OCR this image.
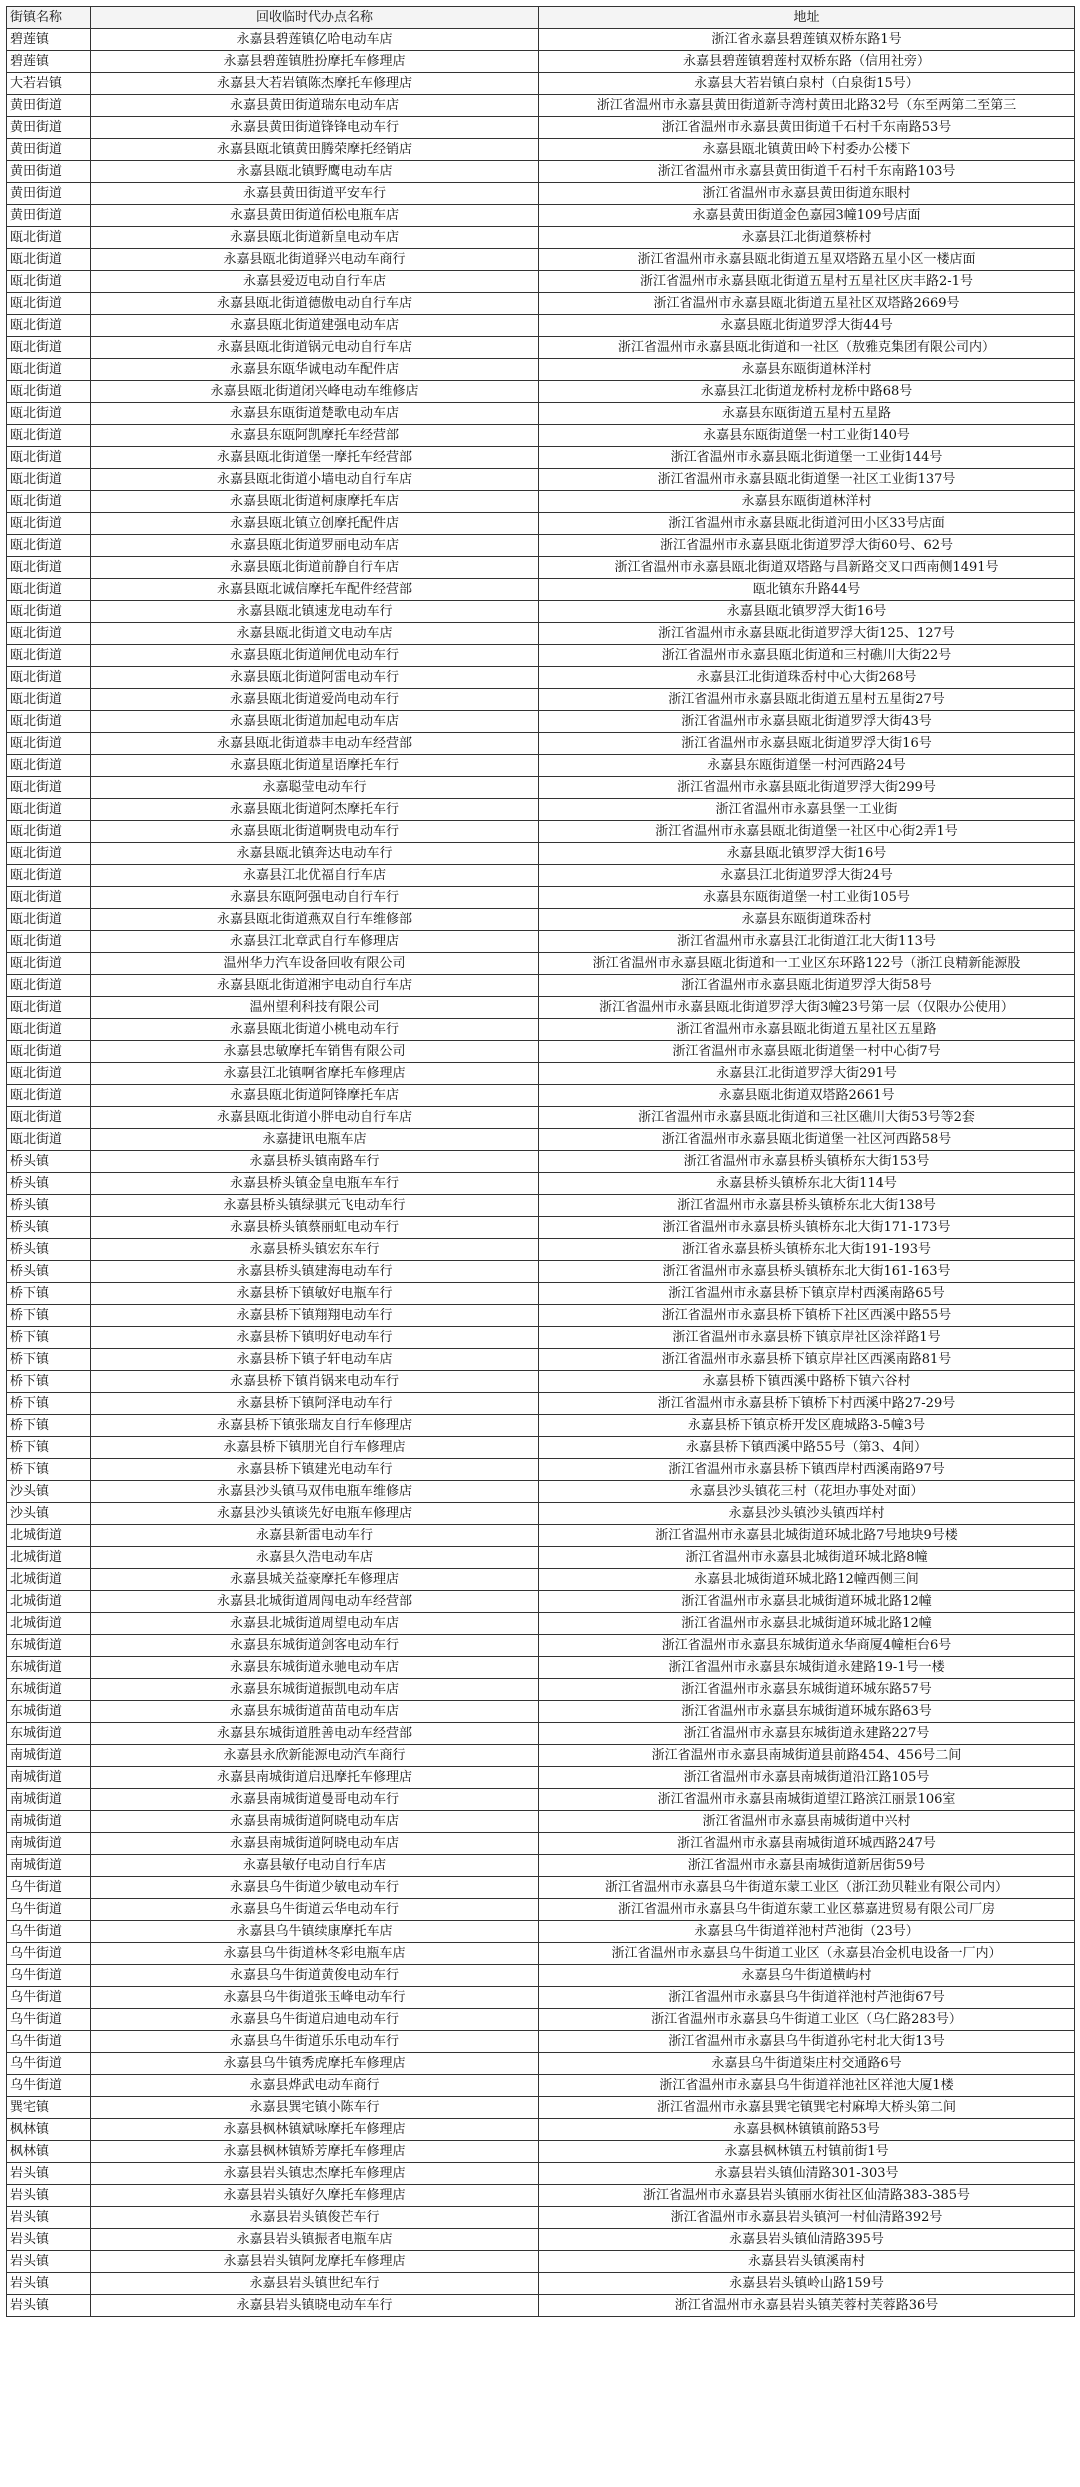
街镇名称	回收临时代办点名称	地址
碧莲镇	永嘉县碧莲镇亿哈电动车店	浙江省永嘉县碧莲镇双桥东路1号
碧莲镇	永嘉县碧莲镇胜扮摩托车修理店	永嘉县碧莲镇碧莲村双桥东路（信用社旁）
大若岩镇	永嘉县大若岩镇陈杰摩托车修理店	永嘉县大若岩镇白泉村（白泉街15号）
黄田街道	永嘉县黄田街道瑞东电动车店	浙江省温州市永嘉县黄田街道新寺湾村黄田北路32号（东至两第二至第三
黄田街道	永嘉县黄田街道锋锋电动车行	浙江省温州市永嘉县黄田街道千石村千东南路53号
黄田街道	永嘉县瓯北镇黄田腾荣摩托经销店	永嘉县瓯北镇黄田岭下村委办公楼下
黄田街道	永嘉县瓯北镇野鹰电动车店	浙江省温州市永嘉县黄田街道千石村千东南路103号
黄田街道	永嘉县黄田街道平安车行	浙江省温州市永嘉县黄田街道东眼村
黄田街道	永嘉县黄田街道佰松电瓶车店	永嘉县黄田街道金色嘉园3幢109号店面
瓯北街道	永嘉县瓯北街道新皇电动车店	永嘉县江北街道蔡桥村
瓯北街道	永嘉县瓯北街道驿兴电动车商行	浙江省温州市永嘉县瓯北街道五星双塔路五星小区一楼店面
瓯北街道	永嘉县爱迈电动自行车店	浙江省温州市永嘉县瓯北街道五星村五星社区庆丰路2-1号
瓯北街道	永嘉县瓯北街道德傲电动自行车店	浙江省温州市永嘉县瓯北街道五星社区双塔路2669号
瓯北街道	永嘉县瓯北街道建强电动车店	永嘉县瓯北街道罗浮大街44号
瓯北街道	永嘉县瓯北街道锅元电动自行车店	浙江省温州市永嘉县瓯北街道和一社区（敖雅克集团有限公司内）
瓯北街道	永嘉县东瓯华诚电动车配件店	永嘉县东瓯街道林洋村
瓯北街道	永嘉县瓯北街道闭兴峰电动车维修店	永嘉县江北街道龙桥村龙桥中路68号
瓯北街道	永嘉县东瓯街道楚歌电动车店	永嘉县东瓯街道五星村五星路
瓯北街道	永嘉县东瓯阿凯摩托车经营部	永嘉县东瓯街道堡一村工业街140号
瓯北街道	永嘉县瓯北街道堡一摩托车经营部	浙江省温州市永嘉县瓯北街道堡一工业街144号
瓯北街道	永嘉县瓯北街道小墙电动自行车店	浙江省温州市永嘉县瓯北街道堡一社区工业街137号
瓯北街道	永嘉县瓯北街道柯康摩托车店	永嘉县东瓯街道林洋村
瓯北街道	永嘉县瓯北镇立创摩托配件店	浙江省温州市永嘉县瓯北街道河田小区33号店面
瓯北街道	永嘉县瓯北街道罗丽电动车店	浙江省温州市永嘉县瓯北街道罗浮大街60号、62号
瓯北街道	永嘉县瓯北街道前静自行车店	浙江省温州市永嘉县瓯北街道双塔路与昌新路交叉口西南侧1491号
瓯北街道	永嘉县瓯北诚信摩托车配件经营部	瓯北镇东升路44号
瓯北街道	永嘉县瓯北镇速龙电动车行	永嘉县瓯北镇罗浮大街16号
瓯北街道	永嘉县瓯北街道文电动车店	浙江省温州市永嘉县瓯北街道罗浮大街125、127号
瓯北街道	永嘉县瓯北街道闸优电动车行	浙江省温州市永嘉县瓯北街道和三村礁川大街22号
瓯北街道	永嘉县瓯北街道阿雷电动车行	永嘉县江北街道珠岙村中心大街268号
瓯北街道	永嘉县瓯北街道爱尚电动车行	浙江省温州市永嘉县瓯北街道五星村五星街27号
瓯北街道	永嘉县瓯北街道加起电动车店	浙江省温州市永嘉县瓯北街道罗浮大街43号
瓯北街道	永嘉县瓯北街道恭丰电动车经营部	浙江省温州市永嘉县瓯北街道罗浮大街16号
瓯北街道	永嘉县瓯北街道星语摩托车行	永嘉县东瓯街道堡一村河西路24号
瓯北街道	永嘉聪莹电动车行	浙江省温州市永嘉县瓯北街道罗浮大街299号
瓯北街道	永嘉县瓯北街道阿杰摩托车行	浙江省温州市永嘉县堡一工业街
瓯北街道	永嘉县瓯北街道啊贵电动车行	浙江省温州市永嘉县瓯北街道堡一社区中心街2弄1号
瓯北街道	永嘉县瓯北镇奔达电动车行	永嘉县瓯北镇罗浮大街16号
瓯北街道	永嘉县江北优福自行车店	永嘉县江北街道罗浮大街24号
瓯北街道	永嘉县东瓯阿强电动自行车行	永嘉县东瓯街道堡一村工业街105号
瓯北街道	永嘉县瓯北街道燕双自行车维修部	永嘉县东瓯街道珠岙村
瓯北街道	永嘉县江北章武自行车修理店	浙江省温州市永嘉县江北街道江北大街113号
瓯北街道	温州华力汽车设备回收有限公司	浙江省温州市永嘉县瓯北街道和一工业区东环路122号（浙江良精新能源股
瓯北街道	永嘉县瓯北街道湘宇电动自行车店	浙江省温州市永嘉县瓯北街道罗浮大街58号
瓯北街道	温州望利科技有限公司	浙江省温州市永嘉县瓯北街道罗浮大街3幢23号第一层（仅限办公使用）
瓯北街道	永嘉县瓯北街道小桃电动车行	浙江省温州市永嘉县瓯北街道五星社区五星路
瓯北街道	永嘉县忠敏摩托车销售有限公司	浙江省温州市永嘉县瓯北街道堡一村中心街7号
瓯北街道	永嘉县江北镇啊省摩托车修理店	永嘉县江北街道罗浮大街291号
瓯北街道	永嘉县瓯北街道阿锋摩托车店	永嘉县瓯北街道双塔路2661号
瓯北街道	永嘉县瓯北街道小胖电动自行车店	浙江省温州市永嘉县瓯北街道和三社区礁川大街53号等2套
瓯北街道	永嘉捷讯电瓶车店	浙江省温州市永嘉县瓯北街道堡一社区河西路58号
桥头镇	永嘉县桥头镇南路车行	浙江省温州市永嘉县桥头镇桥东大街153号
桥头镇	永嘉县桥头镇金皇电瓶车车行	永嘉县桥头镇桥东北大街114号
桥头镇	永嘉县桥头镇绿骐元飞电动车行	浙江省温州市永嘉县桥头镇桥东北大街138号
桥头镇	永嘉县桥头镇蔡丽虹电动车行	浙江省温州市永嘉县桥头镇桥东北大街171-173号
桥头镇	永嘉县桥头镇宏东车行	浙江省永嘉县桥头镇桥东北大街191-193号
桥头镇	永嘉县桥头镇建海电动车行	浙江省温州市永嘉县桥头镇桥东北大街161-163号
桥下镇	永嘉县桥下镇敏好电瓶车行	浙江省温州市永嘉县桥下镇京岸村西溪南路65号
桥下镇	永嘉县桥下镇翔翔电动车行	浙江省温州市永嘉县桥下镇桥下社区西溪中路55号
桥下镇	永嘉县桥下镇明好电动车行	浙江省温州市永嘉县桥下镇京岸社区涂祥路1号
桥下镇	永嘉县桥下镇子轩电动车店	浙江省温州市永嘉县桥下镇京岸社区西溪南路81号
桥下镇	永嘉县桥下镇肖锅来电动车行	永嘉县桥下镇西溪中路桥下镇六谷村
桥下镇	永嘉县桥下镇阿泽电动车行	浙江省温州市永嘉县桥下镇桥下村西溪中路27-29号
桥下镇	永嘉县桥下镇张瑞友自行车修理店	永嘉县桥下镇京桥开发区鹿城路3-5幢3号
桥下镇	永嘉县桥下镇朋光自行车修理店	永嘉县桥下镇西溪中路55号（第3、4间）
桥下镇	永嘉县桥下镇建光电动车行	浙江省温州市永嘉县桥下镇西岸村西溪南路97号
沙头镇	永嘉县沙头镇马双伟电瓶车维修店	永嘉县沙头镇花三村（花坦办事处对面）
沙头镇	永嘉县沙头镇谈先好电瓶车修理店	永嘉县沙头镇沙头镇西垟村
北城街道	永嘉县新雷电动车行	浙江省温州市永嘉县北城街道环城北路7号地块9号楼
北城街道	永嘉县久浩电动车店	浙江省温州市永嘉县北城街道环城北路8幢
北城街道	永嘉县城关益豪摩托车修理店	永嘉县北城街道环城北路12幢西侧三间
北城街道	永嘉县北城街道周闯电动车经营部	浙江省温州市永嘉县北城街道环城北路12幢
北城街道	永嘉县北城街道周望电动车店	浙江省温州市永嘉县北城街道环城北路12幢
东城街道	永嘉县东城街道剑客电动车行	浙江省温州市永嘉县东城街道永华商厦4幢柜台6号
东城街道	永嘉县东城街道永驰电动车店	浙江省温州市永嘉县东城街道永建路19-1号一楼
东城街道	永嘉县东城街道振凯电动车店	浙江省温州市永嘉县东城街道环城东路57号
东城街道	永嘉县东城街道苗苗电动车店	浙江省温州市永嘉县东城街道环城东路63号
东城街道	永嘉县东城街道胜善电动车经营部	浙江省温州市永嘉县东城街道永建路227号
南城街道	永嘉县永欣新能源电动汽车商行	浙江省温州市永嘉县南城街道县前路454、456号二间
南城街道	永嘉县南城街道启迅摩托车修理店	浙江省温州市永嘉县南城街道沿江路105号
南城街道	永嘉县南城街道曼哥电动车行	浙江省温州市永嘉县南城街道望江路滨江丽景106室
南城街道	永嘉县南城街道阿晓电动车店	浙江省温州市永嘉县南城街道中兴村
南城街道	永嘉县南城街道阿晓电动车店	浙江省温州市永嘉县南城街道环城西路247号
南城街道	永嘉县敏仔电动自行车店	浙江省温州市永嘉县南城街道新居街59号
乌牛街道	永嘉县乌牛街道少敏电动车行	浙江省温州市永嘉县乌牛街道东蒙工业区（浙江劲贝鞋业有限公司内）
乌牛街道	永嘉县乌牛街道云华电动车行	浙江省温州市永嘉县乌牛街道东蒙工业区慕嘉进贸易有限公司厂房
乌牛街道	永嘉县乌牛镇续康摩托车店	永嘉县乌牛街道祥池村芦池街（23号）
乌牛街道	永嘉县乌牛街道林冬彩电瓶车店	浙江省温州市永嘉县乌牛街道工业区（永嘉县冶金机电设备一厂内）
乌牛街道	永嘉县乌牛街道黄俊电动车行	永嘉县乌牛街道横屿村
乌牛街道	永嘉县乌牛街道张玉峰电动车行	浙江省温州市永嘉县乌牛街道祥池村芦池街67号
乌牛街道	永嘉县乌牛街道启迪电动车行	浙江省温州市永嘉县乌牛街道工业区（乌仁路283号）
乌牛街道	永嘉县乌牛街道乐乐电动车行	浙江省温州市永嘉县乌牛街道孙宅村北大街13号
乌牛街道	永嘉县乌牛镇秀虎摩托车修理店	永嘉县乌牛街道柒庄村交通路6号
乌牛街道	永嘉县烨武电动车商行	浙江省温州市永嘉县乌牛街道祥池社区祥池大厦1楼
巽宅镇	永嘉县巽宅镇小陈车行	浙江省温州市永嘉县巽宅镇巽宅村麻埠大桥头第二间
枫林镇	永嘉县枫林镇斌咏摩托车修理店	永嘉县枫林镇镇前路53号
枫林镇	永嘉县枫林镇矫芳摩托车修理店	永嘉县枫林镇五村镇前街1号
岩头镇	永嘉县岩头镇忠杰摩托车修理店	永嘉县岩头镇仙清路301-303号
岩头镇	永嘉县岩头镇好久摩托车修理店	浙江省温州市永嘉县岩头镇丽水街社区仙清路383-385号
岩头镇	永嘉县岩头镇俊芒车行	浙江省温州市永嘉县岩头镇河一村仙清路392号
岩头镇	永嘉县岩头镇振者电瓶车店	永嘉县岩头镇仙清路395号
岩头镇	永嘉县岩头镇阿龙摩托车修理店	永嘉县岩头镇溪南村
岩头镇	永嘉县岩头镇世纪车行	永嘉县岩头镇岭山路159号
岩头镇	永嘉县岩头镇晓电动车车行	浙江省温州市永嘉县岩头镇芙蓉村芙蓉路36号
